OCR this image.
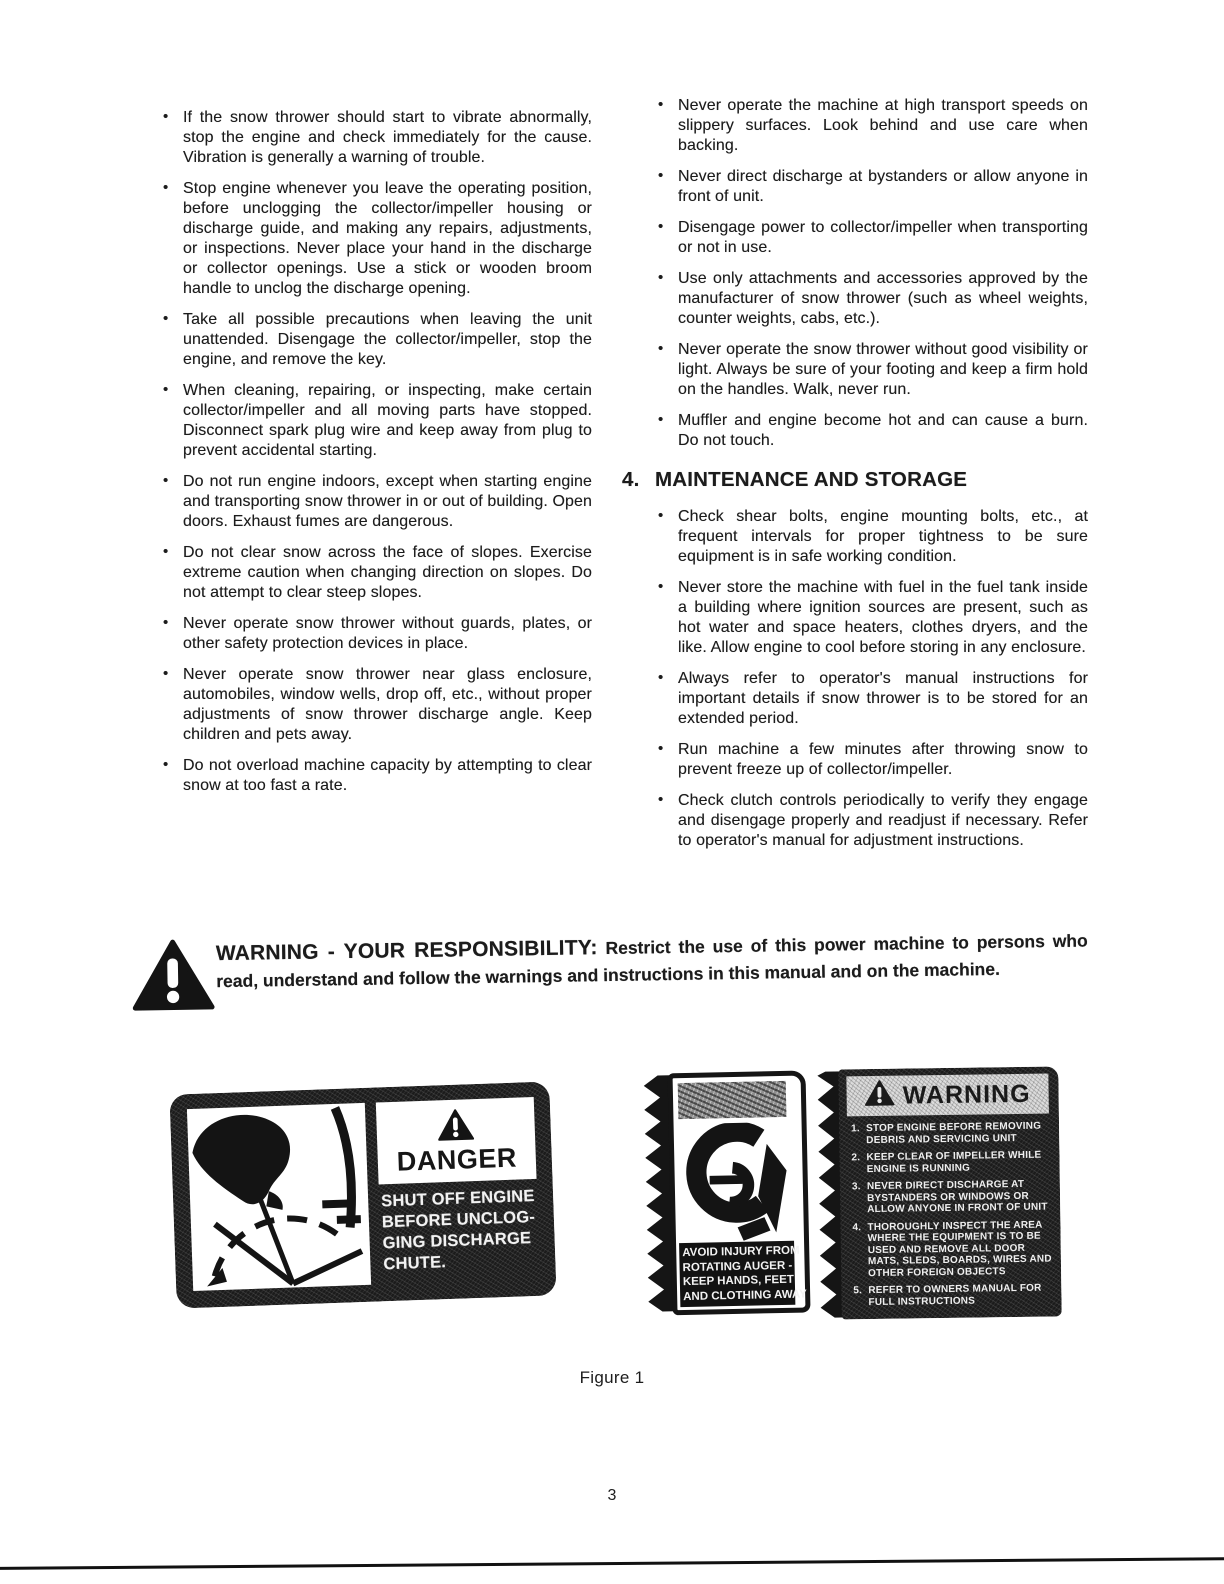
• If the snow thrower should start to vibrate abnormally, stop the engine and check immediately for the cause. Vibration is generally a warning of trouble.

• Stop engine whenever you leave the operating position, before unclogging the collector/impeller housing or discharge guide, and making any repairs, adjustments, or inspections. Never place your hand in the discharge or collector openings. Use a stick or wooden broom handle to unclog the discharge opening.

• Take all possible precautions when leaving the unit unattended. Disengage the collector/impeller, stop the engine, and remove the key.

• When cleaning, repairing, or inspecting, make certain collector/impeller and all moving parts have stopped. Disconnect spark plug wire and keep away from plug to prevent accidental starting.

• Do not run engine indoors, except when starting engine and transporting snow thrower in or out of building. Open doors. Exhaust fumes are dangerous.

• Do not clear snow across the face of slopes. Exercise extreme caution when changing direction on slopes. Do not attempt to clear steep slopes.

• Never operate snow thrower without guards, plates, or other safety protection devices in place.

• Never operate snow thrower near glass enclosure, automobiles, window wells, drop off, etc., without proper adjustments of snow thrower discharge angle. Keep children and pets away.

• Do not overload machine capacity by attempting to clear snow at too fast a rate.

• Never operate the machine at high transport speeds on slippery surfaces. Look behind and use care when backing.

• Never direct discharge at bystanders or allow anyone in front of unit.

• Disengage power to collector/impeller when transporting or not in use.

• Use only attachments and accessories approved by the manufacturer of snow thrower (such as wheel weights, counter weights, cabs, etc.).

• Never operate the snow thrower without good visibility or light. Always be sure of your footing and keep a firm hold on the handles. Walk, never run.

• Muffler and engine become hot and can cause a burn. Do not touch.

4. MAINTENANCE AND STORAGE

• Check shear bolts, engine mounting bolts, etc., at frequent intervals for proper tightness to be sure equipment is in safe working condition.

• Never store the machine with fuel in the fuel tank inside a building where ignition sources are present, such as hot water and space heaters, clothes dryers, and the like. Allow engine to cool before storing in any enclosure.

• Always refer to operator's manual instructions for important details if snow thrower is to be stored for an extended period.

• Run machine a few minutes after throwing snow to prevent freeze up of collector/impeller.

• Check clutch controls periodically to verify they engage and disengage properly and readjust if necessary. Refer to operator's manual for adjustment instructions.

WARNING - YOUR RESPONSIBILITY: Restrict the use of this power machine to persons who read, understand and follow the warnings and instructions in this manual and on the machine.

DANGER

SHUT OFF ENGINE

BEFORE UNCLOG-

GING DISCHARGE

CHUTE.

AVOID INJURY FROM

ROTATING AUGER -

KEEP HANDS, FEET

AND CLOTHING AWAY

WARNING

1. STOP ENGINE BEFORE REMOVING DEBRIS AND SERVICING UNIT

2. KEEP CLEAR OF IMPELLER WHILE ENGINE IS RUNNING

3. NEVER DIRECT DISCHARGE AT BYSTANDERS OR WINDOWS OR ALLOW ANYONE IN FRONT OF UNIT

4. THOROUGHLY INSPECT THE AREA WHERE THE EQUIPMENT IS TO BE USED AND REMOVE ALL DOOR MATS, SLEDS, BOARDS, WIRES AND OTHER FOREIGN OBJECTS

5. REFER TO OWNERS MANUAL FOR FULL INSTRUCTIONS

Figure 1
3
